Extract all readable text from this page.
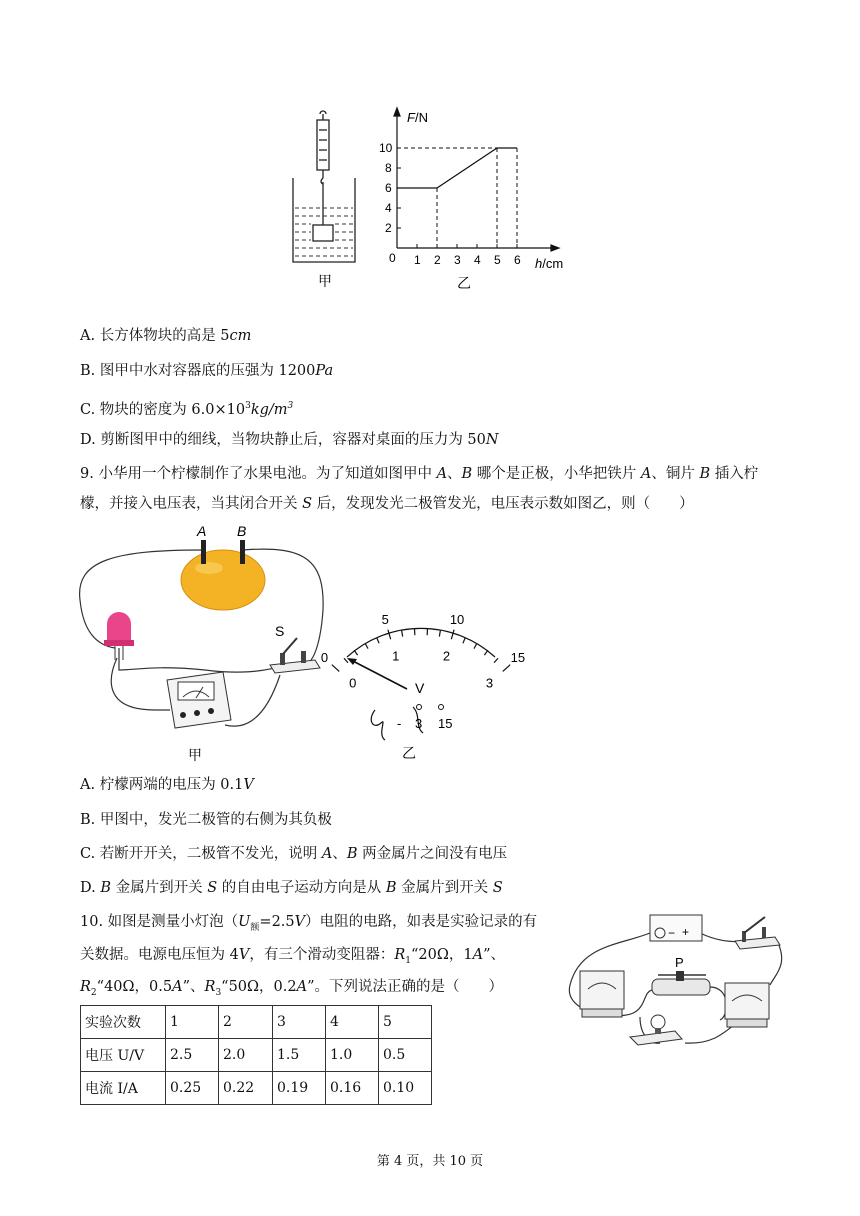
甲
2
4
6
8
10
1 2 3 4 5 6
0
F/N
h/cm
乙
A. 长方体物块的高是 5cm
B. 图甲中水对容器底的压强为 1200Pa
C. 物块的密度为 $6.0\times 10^3kg/m^3$
D. 剪断图甲中的细线，当物块静止后，容器对桌面的压力为 50N
9. 小华用一个柠檬制作了水果电池。为了知道如图甲中 A、B 哪个是正极，小华把铁片 A、铜片 B 插入柠
檬，并接入电压表，当其闭合开关 S 后，发现发光二极管发光，电压表示数如图乙，则（　　）
A B
S
甲
0
5	10
15
0
1	2
3
V
- 3 15
乙
A. 柠檬两端的电压为 0.1V
B. 甲图中，发光二极管的右侧为其负极
C. 若断开开关，二极管不发光，说明 A、B 两金属片之间没有电压
D. B 金属片到开关 S 的自由电子运动方向是从 B 金属片到开关 S
10. 如图是测量小灯泡$(U_额=2.5V)$电阻的电路，如表是实验记录的有
关数据。电源电压恒为 4V，有三个滑动变阻器：$R_1“20\Omega$，1A”、
$R_2“40\Omega$，0.5A”、$R_3“50\Omega$，0.2A”。下列说法正确的是（　　）
实验次数	1	2	3	4	5
电压 U/V	2.5	2.0	1.5	1.0	0.5
电流 I/A	0.25	0.22	0.19	0.16	0.10
− +
P
第 4 页，共 10 页
